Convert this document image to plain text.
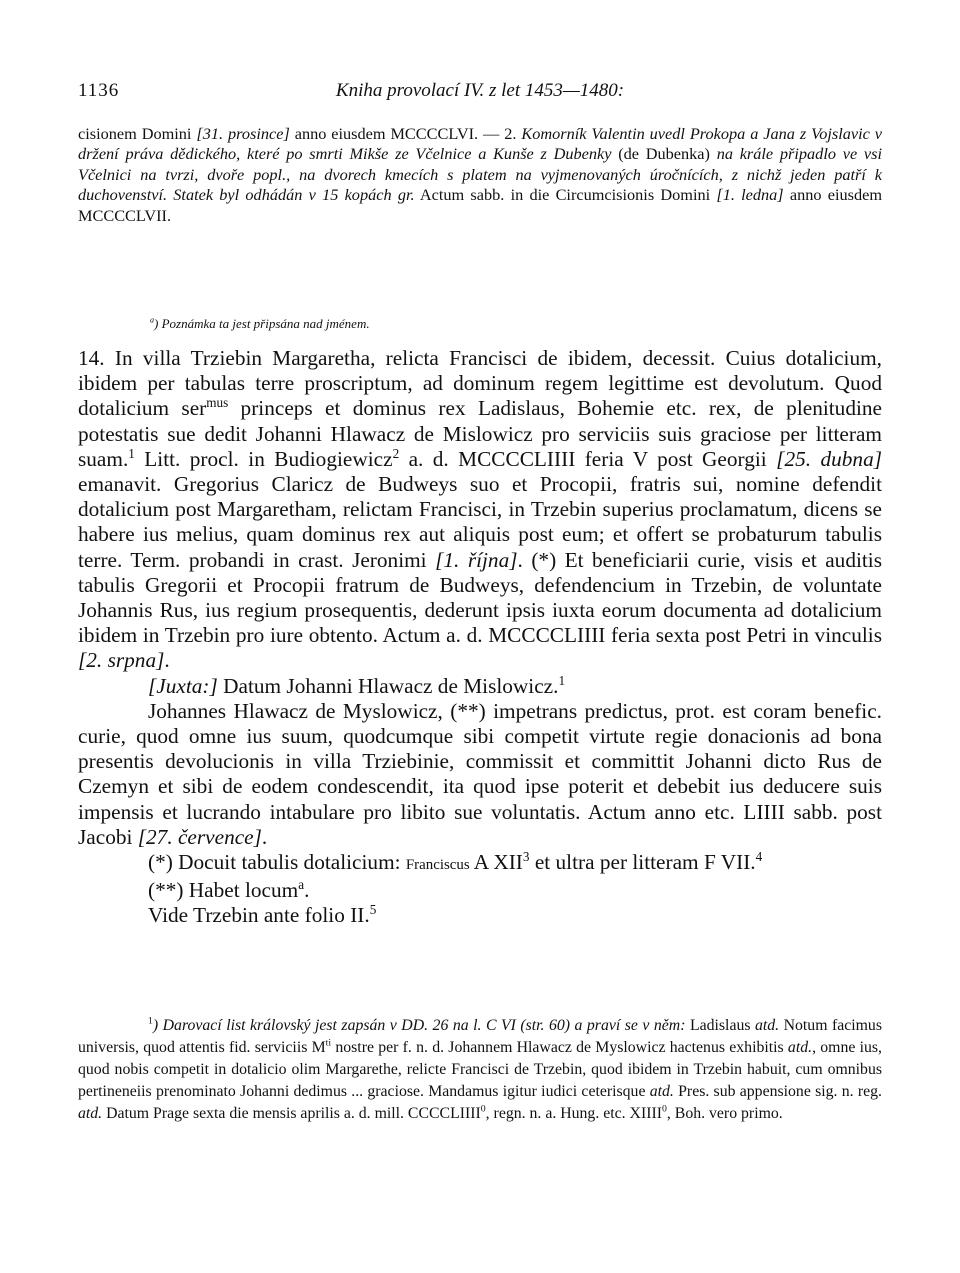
1136	Kniha provolací IV. z let 1453—1480:
cisionem Domini [31. prosince] anno eiusdem MCCCCLVI. — 2. Komorník Valentin uvedl Prokopa a Jana z Vojslavic v držení práva dědického, které po smrti Mikše ze Včelnice a Kunše z Dubenky (de Dubenka) na krále připadlo ve vsi Včelnici na tvrzi, dvoře popl., na dvorech kmecích s platem na vyjmenovaných úročnících, z nichž jeden patří k duchovenství. Statek byl odhádán v 15 kopách gr. Actum sabb. in die Circumcisionis Domini [1. ledna] anno eiusdem MCCCCLVII.
$^a$) Poznámka ta jest připsána nad jménem.

14. In villa Trziebin Margaretha, relicta Francisci de ibidem, decessit. Cuius dotalicium, ibidem per tabulas terre proscriptum, ad dominum regem legittime est devolutum. Quod dotalicium ser$^{mus}$ princeps et dominus rex Ladislaus, Bohemie etc. rex, de plenitudine potestatis sue dedit Johanni Hlawacz de Mislowicz pro serviciis suis graciose per litteram suam.$^1$ Litt. procl. in Budiogiewicz$^2$ a. d. MCCCCLIIII feria V post Georgii [25. dubna] emanavit. Gregorius Claricz de Budweys suo et Procopii, fratris sui, nomine defendit dotalicium post Margaretham, relictam Francisci, in Trzebin superius proclamatum, dicens se habere ius melius, quam dominus rex aut aliquis post eum; et offert se probaturum tabulis terre. Term. probandi in crast. Jeronimi [1. října]. (*) Et beneficiarii curie, visis et auditis tabulis Gregorii et Procopii fratrum de Budweys, defendencium in Trzebin, de voluntate Johannis Rus, ius regium prosequentis, dederunt ipsis iuxta eorum documenta ad dotalicium ibidem in Trzebin pro iure obtento. Actum a. d. MCCCCLIIII feria sexta post Petri in vinculis [2. srpna].

[Juxta:] Datum Johanni Hlawacz de Mislowicz.$^1$

Johannes Hlawacz de Myslowicz, (**) impetrans predictus, prot. est coram benefic. curie, quod omne ius suum, quodcumque sibi competit virtute regie donacionis ad bona presentis devolucionis in villa Trziebinie, commissit et committit Johanni dicto Rus de Czemyn et sibi de eodem condescendit, ita quod ipse poterit et debebit ius deducere suis impensis et lucrando intabulare pro libito sue voluntatis. Actum anno etc. LIIII sabb. post Jacobi [27. července].

(*) Docuit tabulis dotalicium: Franciscus A XII$^3$ et ultra per litteram F VII.$^4$

(**) Habet locum$^a$.

Vide Trzebin ante folio II.$^5$

$^1$) Darovací list královský jest zapsán v DD. 26 na l. C VI (str. 60) a praví se v něm: Ladislaus atd. Notum facimus universis, quod attentis fid. serviciis $M^{ti}$ nostre per f. n. d. Johannem Hlawacz de Myslowicz hactenus exhibitis atd., omne ius, quod nobis competit in dotalicio olim Margarethe, relicte Francisci de Trzebin, quod ibidem in Trzebin habuit, cum omnibus pertineneiis prenominato Johanni dedimus ... graciose. Mandamus igitur iudici ceterisque atd. Pres. sub appensione sig. n. reg. atd. Datum Prage sexta die mensis aprilis a. d. mill. CCCCLIIII$^0$, regn. n. a. Hung. etc. XIIII$^0$, Boh. vero primo.
